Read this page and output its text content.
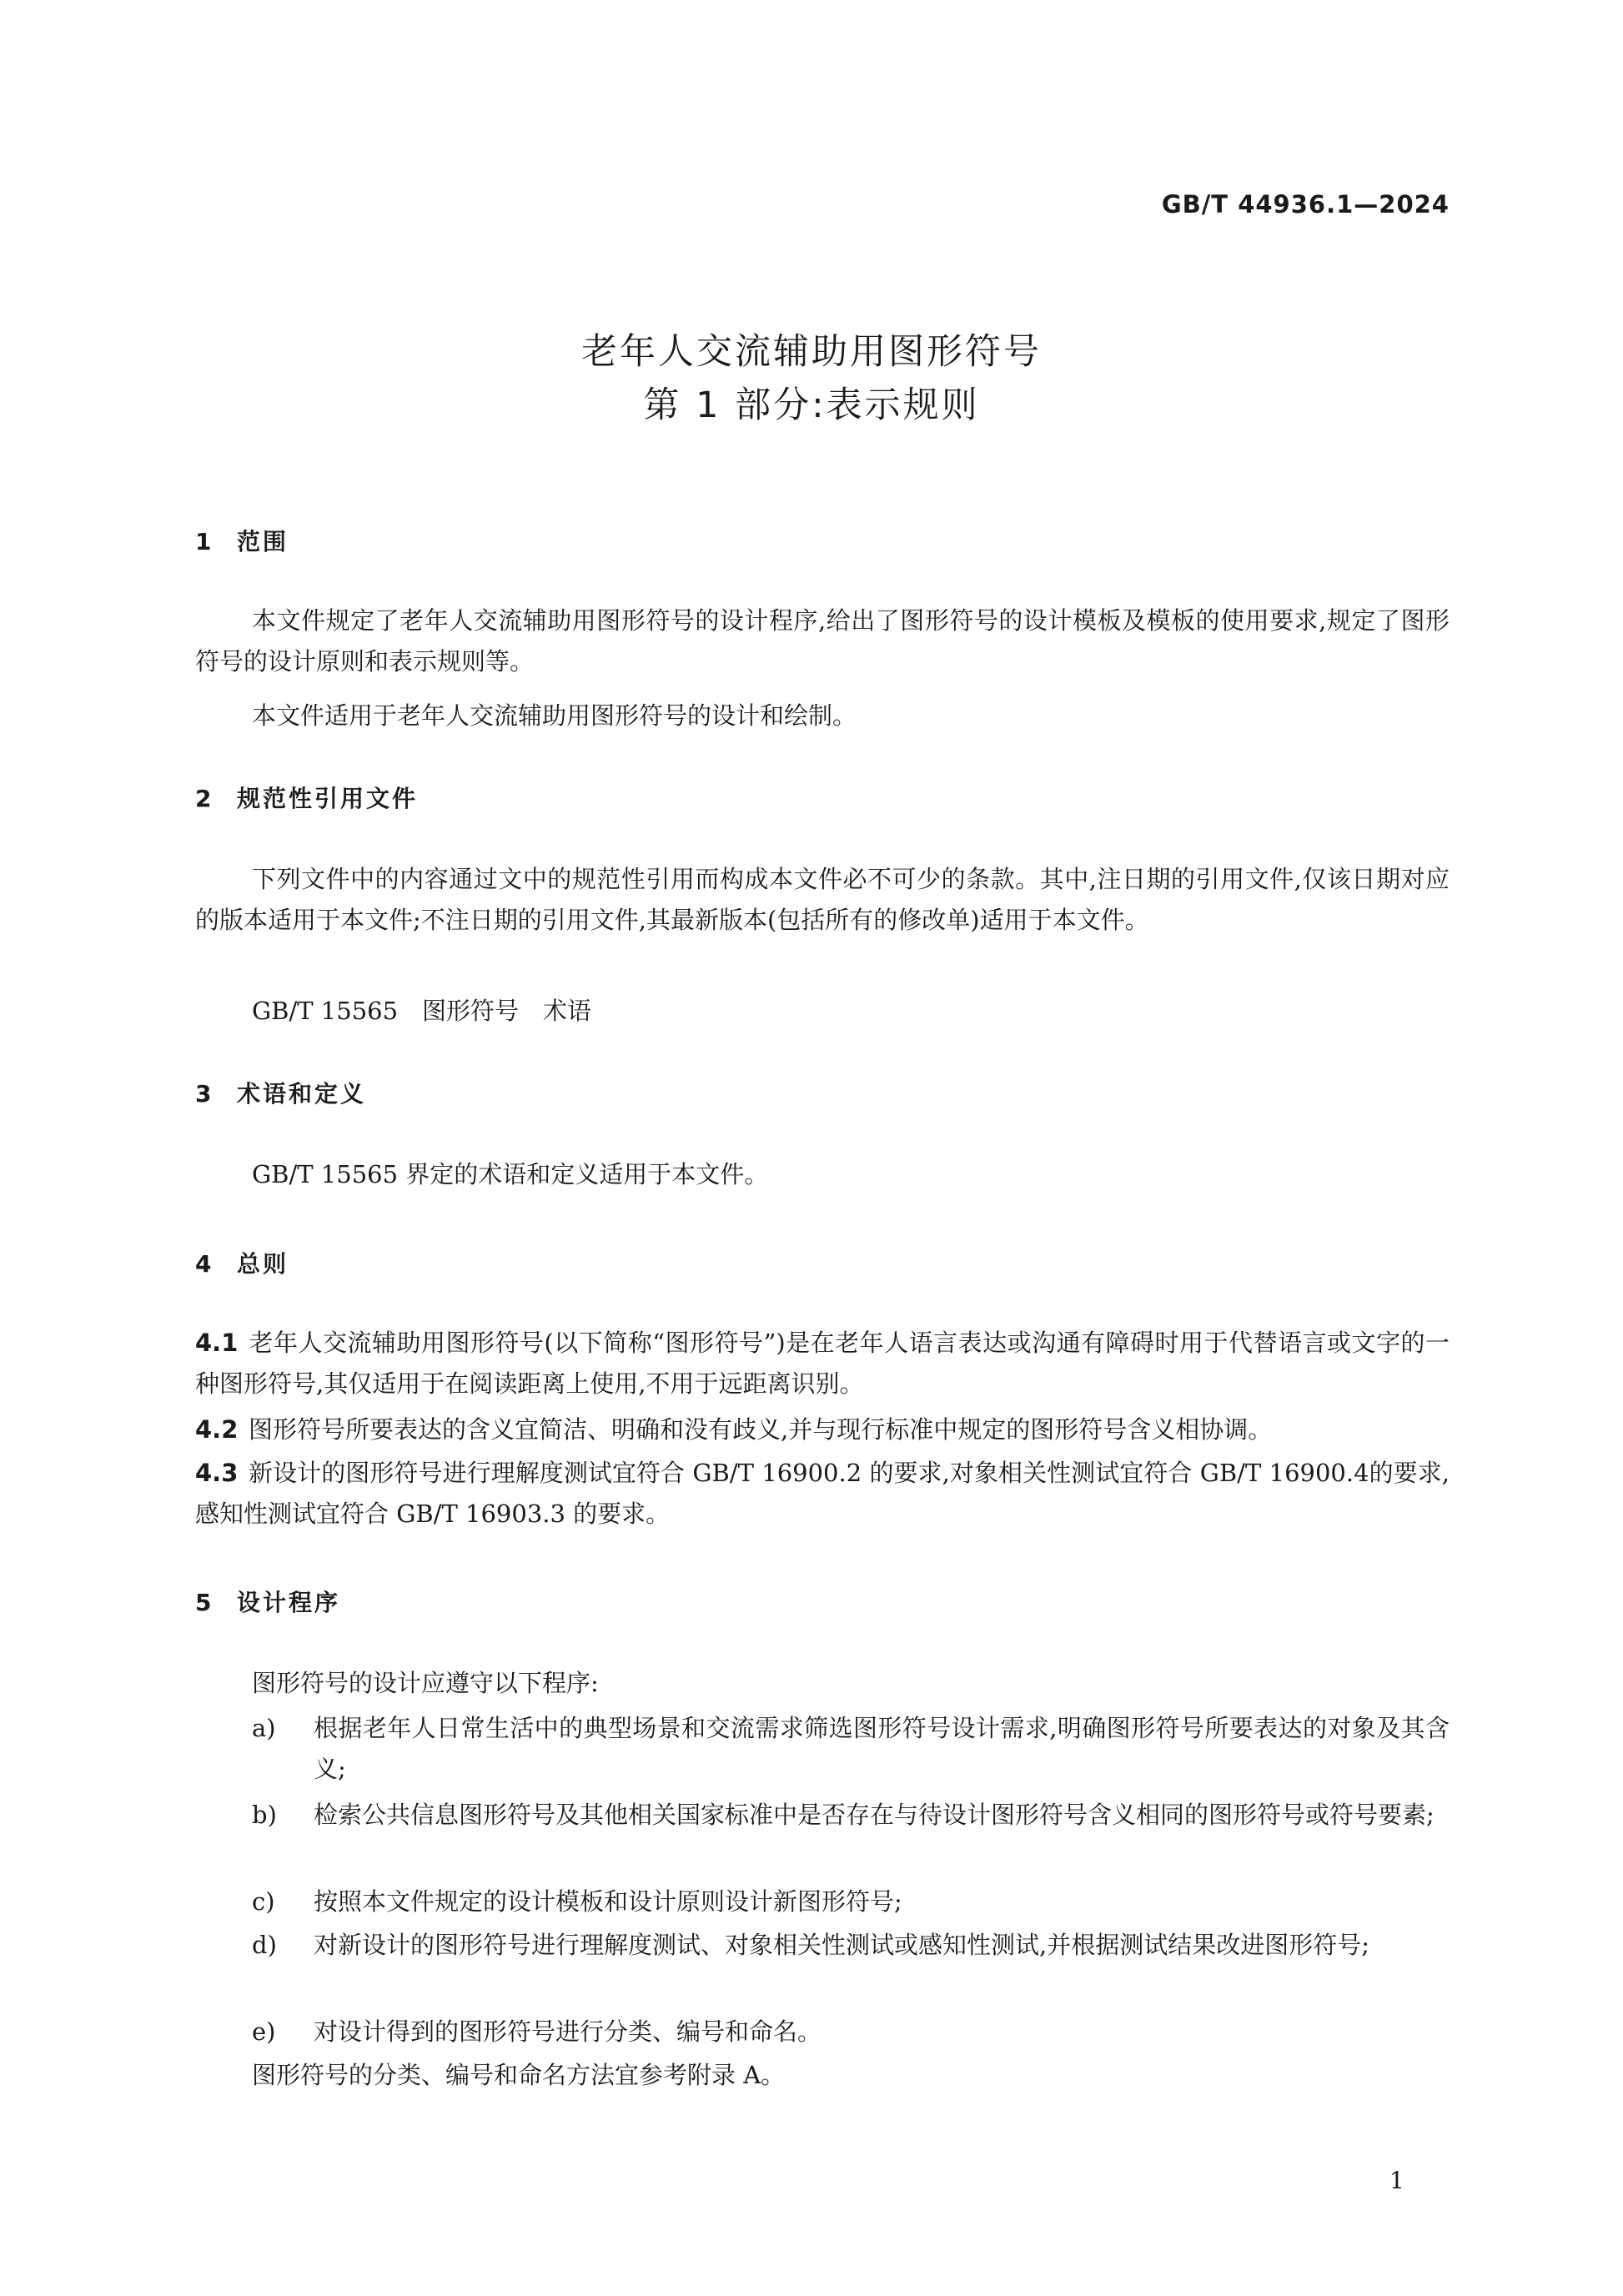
GB/T 44936.1—2024
老年人交流辅助用图形符号
第 1 部分:表示规则
1 范围
本文件规定了老年人交流辅助用图形符号的设计程序,给出了图形符号的设计模板及模板的使用要求,规定了图形符号的设计原则和表示规则等。
本文件适用于老年人交流辅助用图形符号的设计和绘制。
2 规范性引用文件
下列文件中的内容通过文中的规范性引用而构成本文件必不可少的条款。其中,注日期的引用文件,仅该日期对应的版本适用于本文件;不注日期的引用文件,其最新版本(包括所有的修改单)适用于本文件。
GB/T 15565　图形符号　术语
3 术语和定义
GB/T 15565 界定的术语和定义适用于本文件。
4 总则
4.1 老年人交流辅助用图形符号(以下简称“图形符号”)是在老年人语言表达或沟通有障碍时用于代替语言或文字的一种图形符号,其仅适用于在阅读距离上使用,不用于远距离识别。
4.2 图形符号所要表达的含义宜简洁、明确和没有歧义,并与现行标准中规定的图形符号含义相协调。
4.3 新设计的图形符号进行理解度测试宜符合 GB/T 16900.2 的要求,对象相关性测试宜符合 GB/T 16900.4的要求,感知性测试宜符合 GB/T 16903.3 的要求。
5 设计程序
图形符号的设计应遵守以下程序:
a)	根据老年人日常生活中的典型场景和交流需求筛选图形符号设计需求,明确图形符号所要表达的对象及其含义;
b)	检索公共信息图形符号及其他相关国家标准中是否存在与待设计图形符号含义相同的图形符号或符号要素;
c)	按照本文件规定的设计模板和设计原则设计新图形符号;
d)	对新设计的图形符号进行理解度测试、对象相关性测试或感知性测试,并根据测试结果改进图形符号;
e)	对设计得到的图形符号进行分类、编号和命名。
图形符号的分类、编号和命名方法宜参考附录 A。
1
